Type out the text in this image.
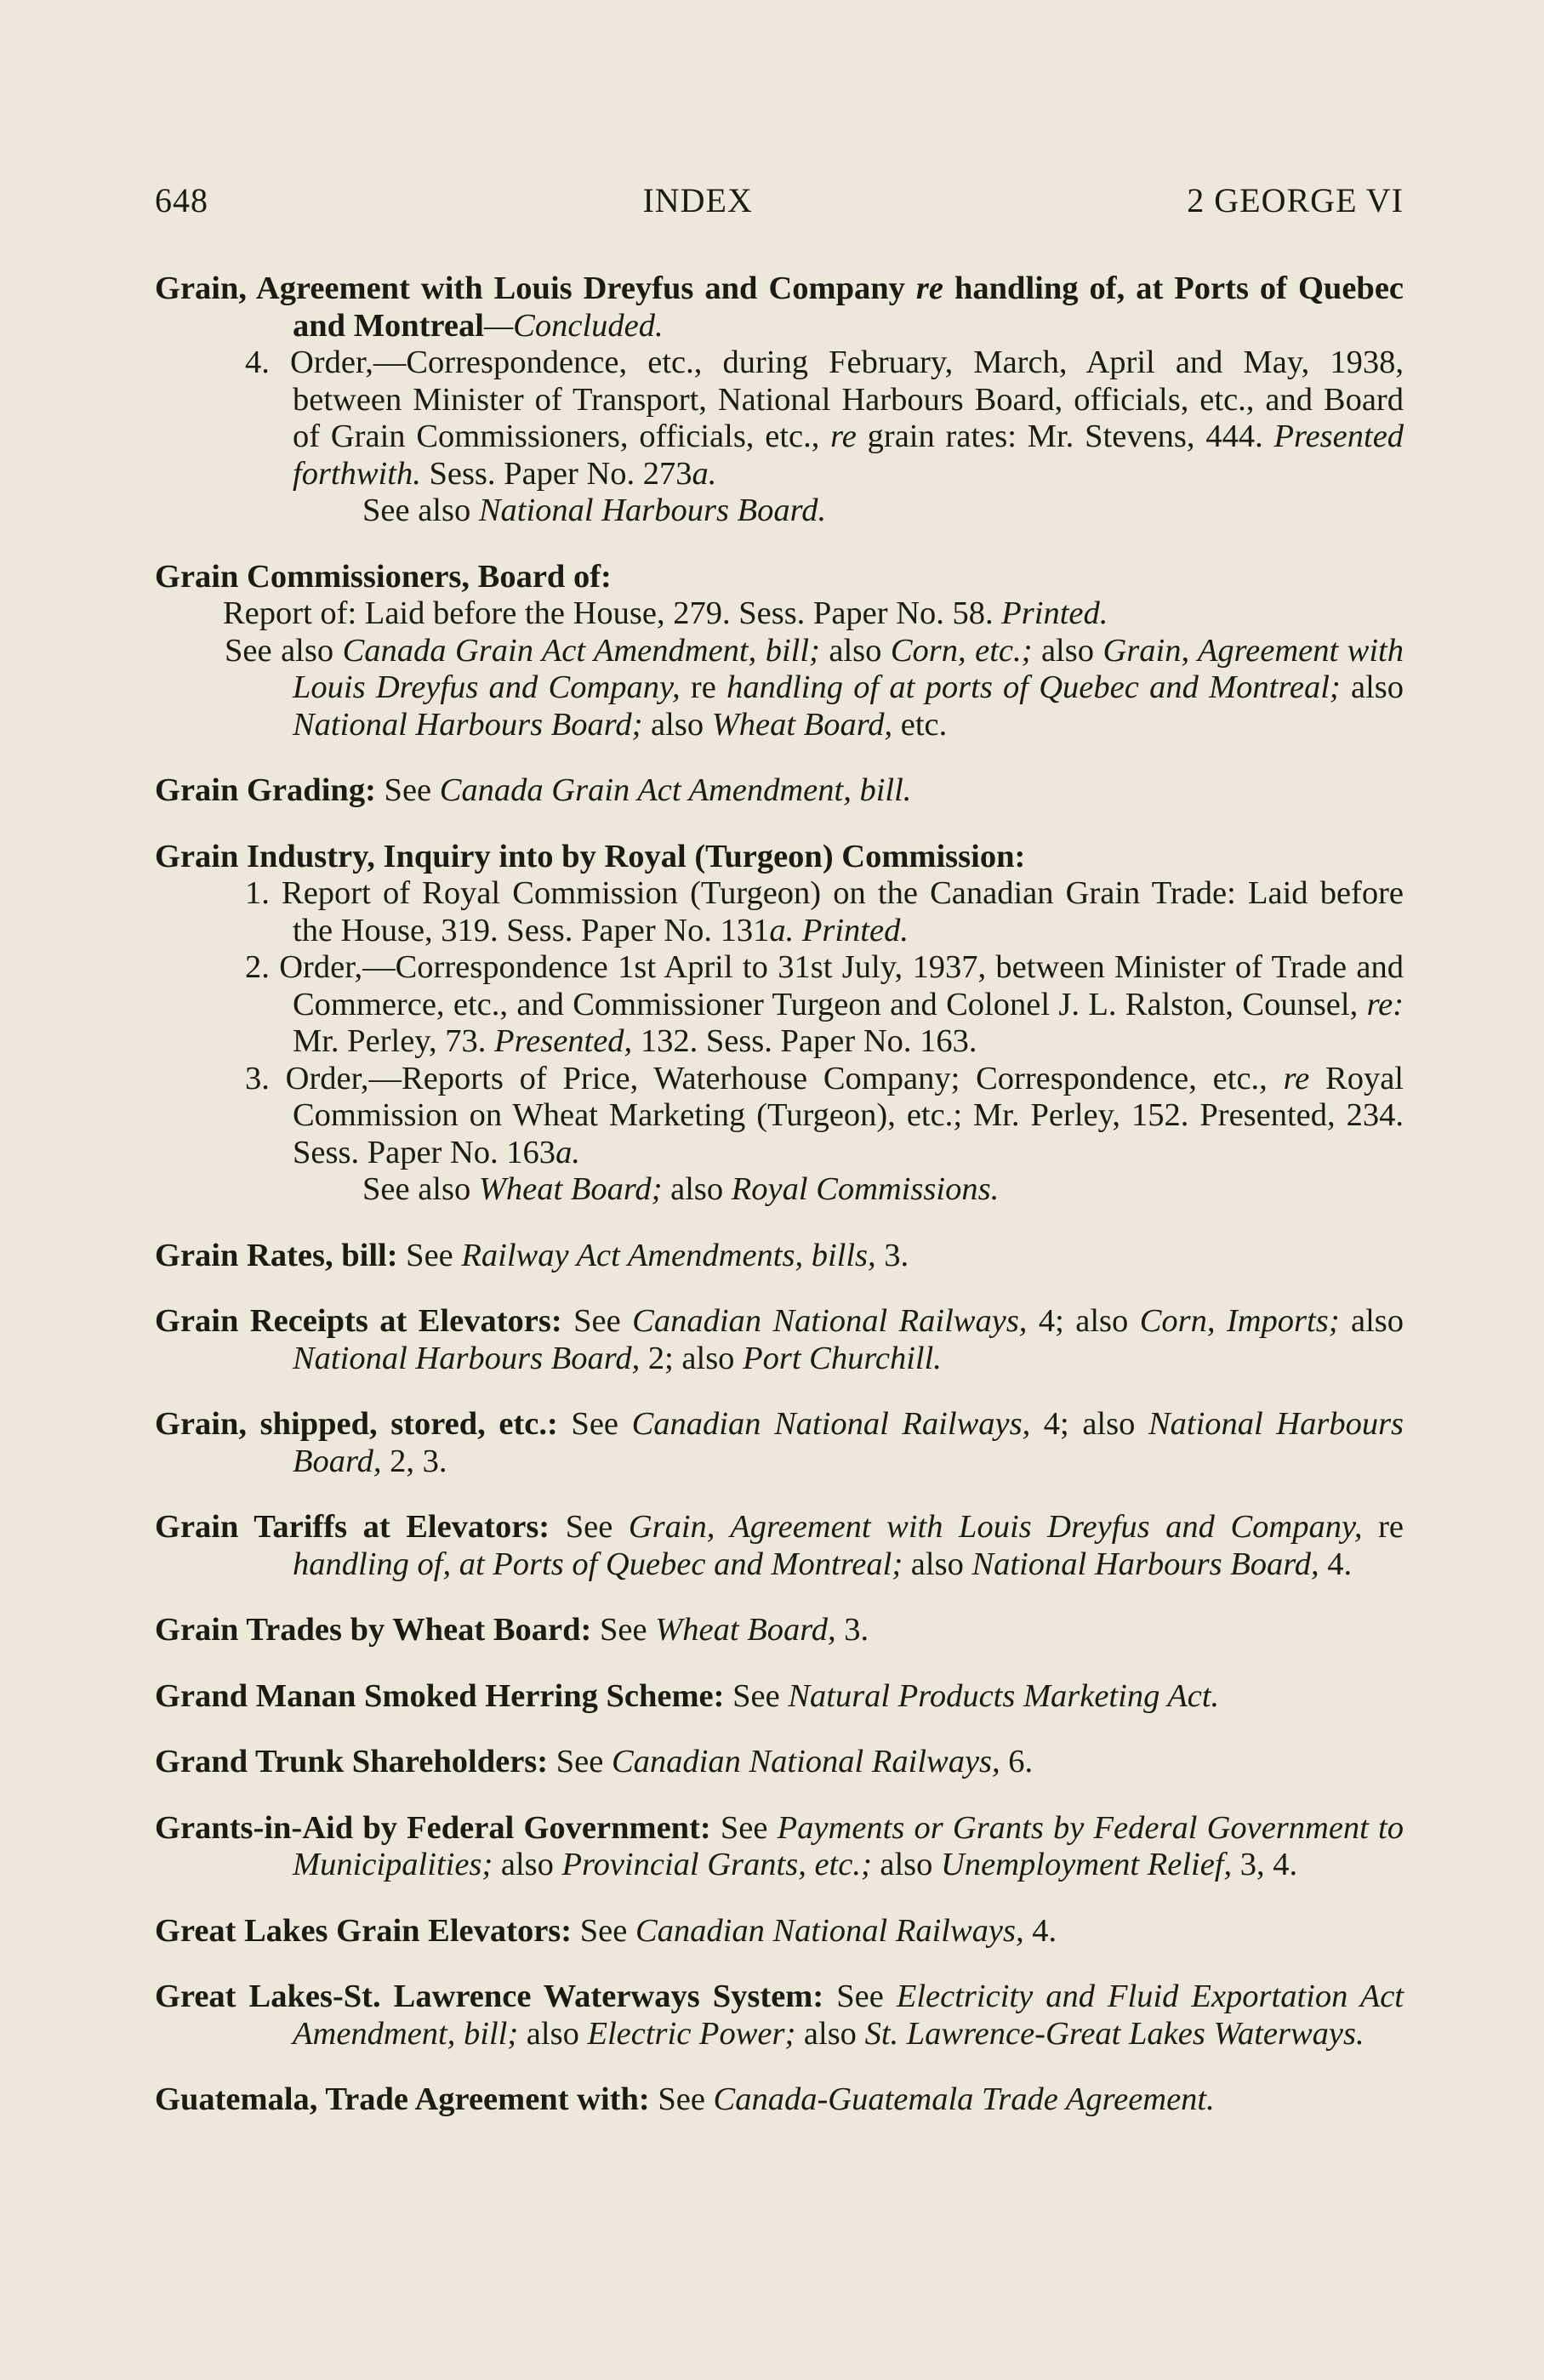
648	INDEX	2 GEORGE VI

Grain, Agreement with Louis Dreyfus and Company re handling of, at Ports of Quebec and Montreal—Concluded.

4. Order,—Correspondence, etc., during February, March, April and May, 1938, between Minister of Transport, National Harbours Board, officials, etc., and Board of Grain Commissioners, officials, etc., re grain rates: Mr. Stevens, 444. Presented forthwith. Sess. Paper No. 273a.

See also National Harbours Board.

Grain Commissioners, Board of:

Report of: Laid before the House, 279. Sess. Paper No. 58. Printed.

See also Canada Grain Act Amendment, bill; also Corn, etc.; also Grain, Agreement with Louis Dreyfus and Company, re handling of at ports of Quebec and Montreal; also National Harbours Board; also Wheat Board, etc.

Grain Grading: See Canada Grain Act Amendment, bill.

Grain Industry, Inquiry into by Royal (Turgeon) Commission:

1. Report of Royal Commission (Turgeon) on the Canadian Grain Trade: Laid before the House, 319. Sess. Paper No. 131a. Printed.

2. Order,—Correspondence 1st April to 31st July, 1937, between Minister of Trade and Commerce, etc., and Commissioner Turgeon and Colonel J. L. Ralston, Counsel, re: Mr. Perley, 73. Presented, 132. Sess. Paper No. 163.

3. Order,—Reports of Price, Waterhouse Company; Correspondence, etc., re Royal Commission on Wheat Marketing (Turgeon), etc.; Mr. Perley, 152. Presented, 234. Sess. Paper No. 163a.

See also Wheat Board; also Royal Commissions.

Grain Rates, bill: See Railway Act Amendments, bills, 3.

Grain Receipts at Elevators: See Canadian National Railways, 4; also Corn, Imports; also National Harbours Board, 2; also Port Churchill.

Grain, shipped, stored, etc.: See Canadian National Railways, 4; also National Harbours Board, 2, 3.

Grain Tariffs at Elevators: See Grain, Agreement with Louis Dreyfus and Company, re handling of, at Ports of Quebec and Montreal; also National Harbours Board, 4.

Grain Trades by Wheat Board: See Wheat Board, 3.

Grand Manan Smoked Herring Scheme: See Natural Products Marketing Act.

Grand Trunk Shareholders: See Canadian National Railways, 6.

Grants-in-Aid by Federal Government: See Payments or Grants by Federal Government to Municipalities; also Provincial Grants, etc.; also Unemployment Relief, 3, 4.

Great Lakes Grain Elevators: See Canadian National Railways, 4.

Great Lakes-St. Lawrence Waterways System: See Electricity and Fluid Exportation Act Amendment, bill; also Electric Power; also St. Lawrence-Great Lakes Waterways.

Guatemala, Trade Agreement with: See Canada-Guatemala Trade Agreement.
